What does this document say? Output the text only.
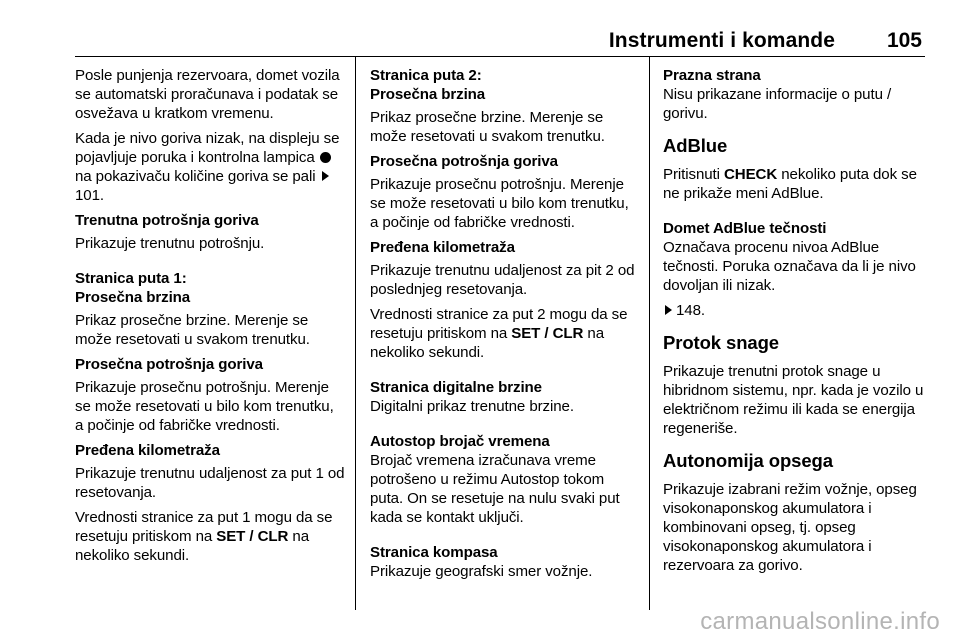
Instrumenti i komande 105

Posle punjenja rezervoara, domet vozila se automatski proračunava i podatak se osvežava u kratkom vremenu.

Kada je nivo goriva nizak, na displeju se pojavljuje poruka i kontrolna lampica  na pokazivaču količine goriva se pali 101.

Trenutna potrošnja goriva

Prikazuje trenutnu potrošnju.

Stranica puta 1:

Prosečna brzina

Prikaz prosečne brzine. Merenje se može resetovati u svakom trenutku.

Prosečna potrošnja goriva

Prikazuje prosečnu potrošnju. Merenje se može resetovati u bilo kom trenutku, a počinje od fabričke vrednosti.

Pređena kilometraža

Prikazuje trenutnu udaljenost za put 1 od resetovanja.

Vrednosti stranice za put 1 mogu da se resetuju pritiskom na SET / CLR na nekoliko sekundi.

Stranica puta 2:

Prosečna brzina

Prikaz prosečne brzine. Merenje se može resetovati u svakom trenutku.

Prosečna potrošnja goriva

Prikazuje prosečnu potrošnju. Merenje se može resetovati u bilo kom trenutku, a počinje od fabričke vrednosti.

Pređena kilometraža

Prikazuje trenutnu udaljenost za pit 2 od poslednjeg resetovanja.

Vrednosti stranice za put 2 mogu da se resetuju pritiskom na SET / CLR na nekoliko sekundi.

Stranica digitalne brzine

Digitalni prikaz trenutne brzine.

Autostop brojač vremena

Brojač vremena izračunava vreme potrošeno u režimu Autostop tokom puta. On se resetuje na nulu svaki put kada se kontakt uključi.

Stranica kompasa

Prikazuje geografski smer vožnje.

Prazna strana

Nisu prikazane informacije o putu / gorivu.

AdBlue

Pritisnuti CHECK nekoliko puta dok se ne prikaže meni AdBlue.

Domet AdBlue tečnosti

Označava procenu nivoa AdBlue tečnosti. Poruka označava da li je nivo dovoljan ili nizak.

148.

Protok snage

Prikazuje trenutni protok snage u hibridnom sistemu, npr. kada je vozilo u električnom režimu ili kada se energija regeneriše.

Autonomija opsega

Prikazuje izabrani režim vožnje, opseg visokonaponskog akumulatora i kombinovani opseg, tj. opseg visokonaponskog akumulatora i rezervoara za gorivo.

carmanualsonline.info
